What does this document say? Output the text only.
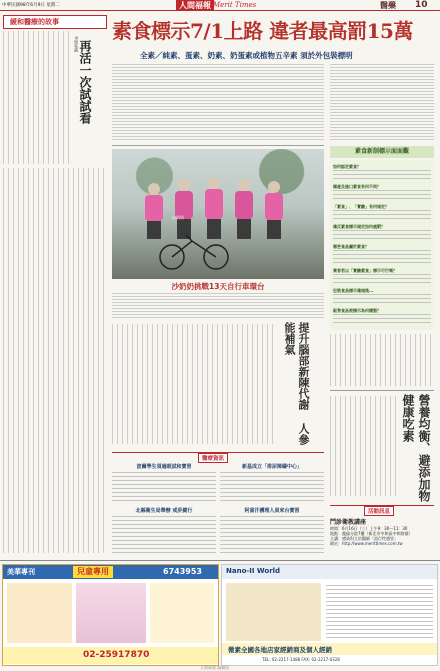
中華民國98年6月9日 星期二	人間福報 Merit Times	醫藥 10
緩和醫療的故事
再活一次試試看
◎周希誠
素食標示7/1上路 違者最高罰15萬
全素／純素、蛋素、奶素、奶蛋素或植物五辛素 須於外包裝標明
素食新制標示面面觀
如何認定素食？
國產及進口素食有何不同？
「素食」、「實驗」有何規定？
違反素食標示規定如何處罰？
哪些食品屬於素食？
業者若以「實驗素食」標示可行嗎？
包裝食品標示違規後…
販售食品被標示為何樣態？
沙奶奶
沙奶奶挑戰13天自行車環台
提升腦部新陳代謝 人參能補氣
醫療資訊
波爾學生須過眼試和實習
北縣衛生局舉辦 戒菸健行
新基成立「排尿障礙中心」
阿富汗護理人員來台實習
營養均衡、避添加物 健康吃素
活動訊息
鬥診衛教講座
時間：6月16日（三）上午9：30～11：30
地點：龍倫分院7樓（新北市中和區中和路號）
主講：感染科主治醫師「流行性感冒」
網站：http://www.merittimes.com.tw
美華專刊	兒童專用	6743953
02-25917870
Nano-II World
微素全國各地店家經銷商及個人經銷
TEL: 02-2217-1488 FAX: 02-2217-0328
人間福報 醫藥版
